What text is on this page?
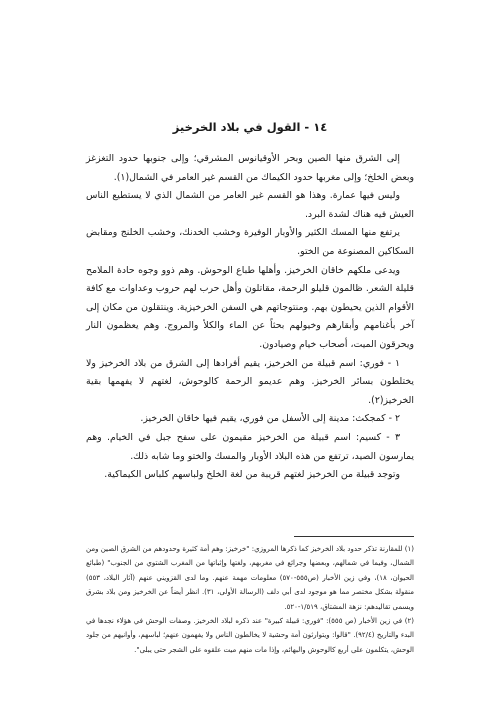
١٤ - القول في بلاد الخرخيز

إلى الشرق منها الصين وبحر الأوقيانوس المشرقي؛ وإلى جنوبها حدود التغزغز وبعض الخلخ؛ وإلى مغربها حدود الكيماك من القسم غير العامر في الشمال(١).

وليس فيها عمارة. وهذا هو القسم غير العامر من الشمال الذي لا يستطيع الناس العيش فيه هناك لشدة البرد.

يرتفع منها المسك الكثير والأوبار الوفيرة وخشب الخدنك، وخشب الخلنج ومقابض السكاكين المصنوعة من الختو.

ويدعى ملكهم خاقان الخرخيز. وأهلها طباع الوحوش. وهم ذوو وجوه حادة الملامح قليلة الشعر. ظالمون قليلو الرحمة، مقاتلون وأهل حرب لهم حروب وعداوات مع كافة الأقوام الذين يحيطون بهم. ومنتوجاتهم هي السفن الخرخيزية. وينتقلون من مكان إلى آخر بأغنامهم وأبقارهم وخيولهم بحثاً عن الماء والكلأ والمروج. وهم يعظمون النار ويحرقون الميت، أصحاب خيام وصيادون.

١ - فوري: اسم قبيلة من الخرخيز، يقيم أفرادها إلى الشرق من بلاد الخرخيز ولا يختلطون بسائر الخرخيز. وهم عديمو الرحمة كالوحوش، لغتهم لا يفهمها بقية الخرخيز(٢).

٢ - كمجكث: مدينة إلى الأسفل من فوري، يقيم فيها خاقان الخرخيز.

٣ - كسيم: اسم قبيلة من الخرخيز مقيمون على سفح جبل في الخيام. وهم يمارسون الصيد، ترتفع من هذه البلاد الأوبار والمسك والختو وما شابه ذلك.

وتوجد قبيلة من الخرخيز لغتهم قريبة من لغة الخلخ ولباسهم كلباس الكيماكية.

(١) للمقارنة تذكر حدود بلاد الخرخيز كما ذكرها المروزي: "خرخيز: وهم أمة كثيرة وحدودهم من الشرق الصين ومن الشمال، وفيما في شمالهم، وبعضها وجرائع في مغربهم، ولغتها وإثباتها من المغرب الشتوي من الجنوب" (طبائع الحيوان، ١٨)، وفي زين الأخبار (ص٥٥٥-٥٧٠) معلومات مهمة عنهم. وما لدى القزويني عنهم (آثار البلاد، ٥٥٣) منقولة بشكل مختصر مما هو موجود لدى أبي دلف (الرسالة الأولى، ٣١). انظر أيضاً عن الخرخيز ومن بلاد بشرق ويسمى تقاليدهم: نزهة المشتاق، ١/٥١٩-٥٢٠.

(٢) في زين الأخبار (ص ٥٥٥): "فوري: قبيلة كبيرة" عند ذكره لبلاد الخرخيز. وصفات الوحش في هؤلاء نجدها في البدء والتاريخ (٩٢/٤). "قالوا: ويتوارثون أمة وحشية لا يخالطون الناس ولا يفهمون عنهم؛ لباسهم، وأوانيهم من جلود الوحش، يتكلمون على أربع كالوحوش والبهائم، وإذا مات منهم ميت علقوه على الشجر حتى يبلى".
